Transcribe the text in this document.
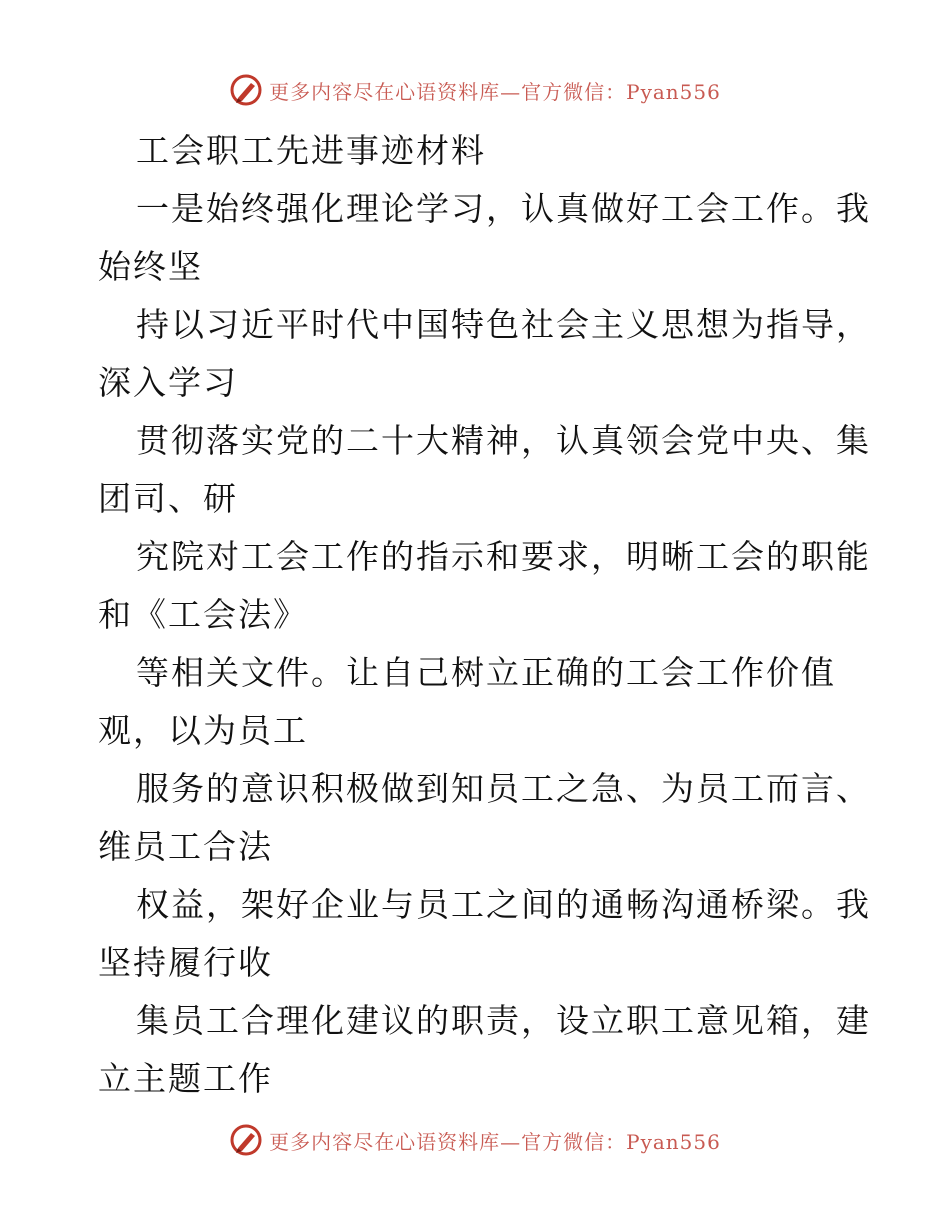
更多内容尽在心语资料库—官方微信：Pyan556
工会职工先进事迹材料
一是始终强化理论学习，认真做好工会工作。我
始终坚
持以习近平时代中国特色社会主义思想为指导，
深入学习
贯彻落实党的二十大精神，认真领会党中央、集
团司、研
究院对工会工作的指示和要求，明晰工会的职能
和《工会法》
等相关文件。让自己树立正确的工会工作价值
观，以为员工
服务的意识积极做到知员工之急、为员工而言、
维员工合法
权益，架好企业与员工之间的通畅沟通桥梁。我
坚持履行收
集员工合理化建议的职责，设立职工意见箱，建
立主题工作
更多内容尽在心语资料库—官方微信：Pyan556
